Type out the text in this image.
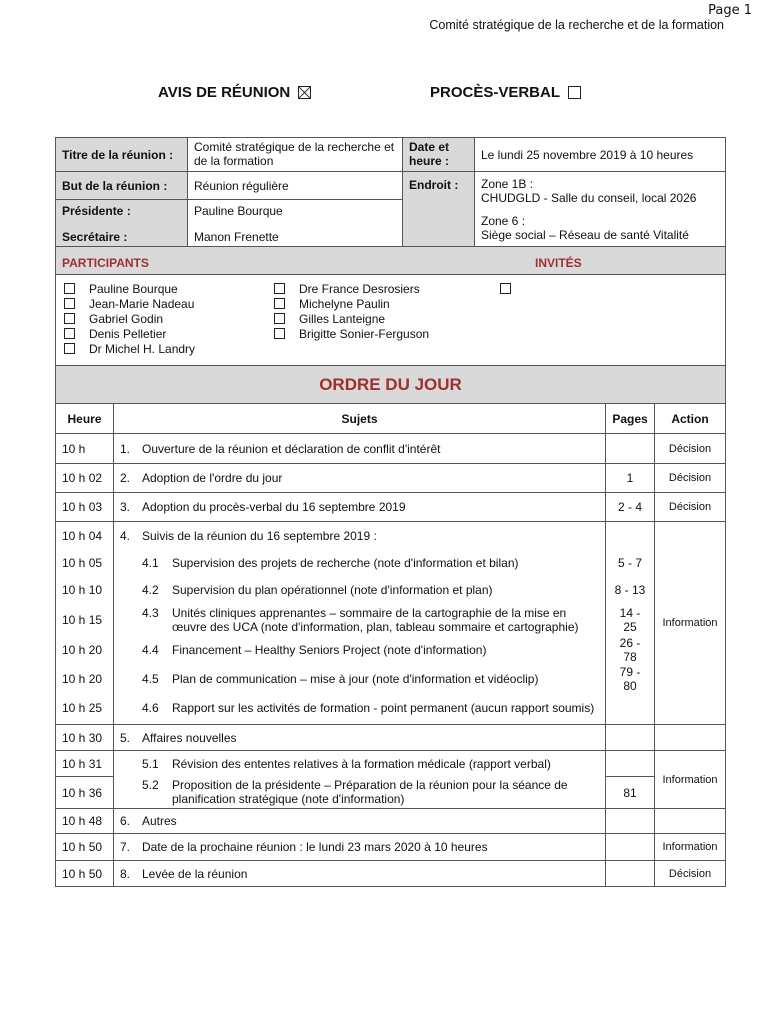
Page 1
Comité stratégique de la recherche et de la formation
AVIS DE RÉUNION	PROCÈS-VERBAL
Titre de la réunion :	Comité stratégique de la recherche et de la formation	Date et heure :	Le lundi 25 novembre 2019 à 10 heures
But de la réunion :	Réunion régulière	Endroit :	Zone 1B :
CHUDGLD - Salle du conseil, local 2026
Zone 6 :
Siège social – Réseau de santé Vitalité

Présidente :	Pauline Bourque		
Secrétaire :	Manon Frenette		
PARTICIPANTS	INVITÉS
Pauline Bourque
Jean-Marie Nadeau
Gabriel Godin
Denis Pelletier
Dr Michel H. Landry
Dre France Desrosiers
Michelyne Paulin
Gilles Lanteigne
Brigitte Sonier-Ferguson
ORDRE DU JOUR
Heure	Sujets	Pages	Action
10 h	1. Ouverture de la réunion et déclaration de conflit d'intérêt		Décision
10 h 02	2. Adoption de l'ordre du jour	1	Décision
10 h 03	3. Adoption du procès-verbal du 16 septembre 2019	2 - 4	Décision
10 h 04	4. Suivis de la réunion du 16 septembre 2019 :		Information
10 h 05	4.1 Supervision des projets de recherche (note d'information et bilan)	5 - 7	
10 h 10	4.2 Supervision du plan opérationnel (note d'information et plan)	8 - 13	
10 h 15	4.3 Unités cliniques apprenantes – sommaire de la cartographie de la mise en œuvre des UCA (note d'information, plan, tableau sommaire et cartographie)	14 - 25	
10 h 20	4.4 Financement – Healthy Seniors Project (note d'information)	26 - 78	
10 h 20	4.5 Plan de communication – mise à jour (note d'information et vidéoclip)	79 - 80	
10 h 25	4.6 Rapport sur les activités de formation - point permanent (aucun rapport soumis)		

10 h 30	5. Affaires nouvelles		
10 h 31	5.1 Révision des ententes relatives à la formation médicale (rapport verbal)		Information
10 h 36	5.2 Proposition de la présidente – Préparation de la réunion pour la séance de planification stratégique (note d'information)	81	
10 h 48	6. Autres		
10 h 50	7. Date de la prochaine réunion : le lundi 23 mars 2020 à 10 heures		Information
10 h 50	8. Levée de la réunion		Décision
